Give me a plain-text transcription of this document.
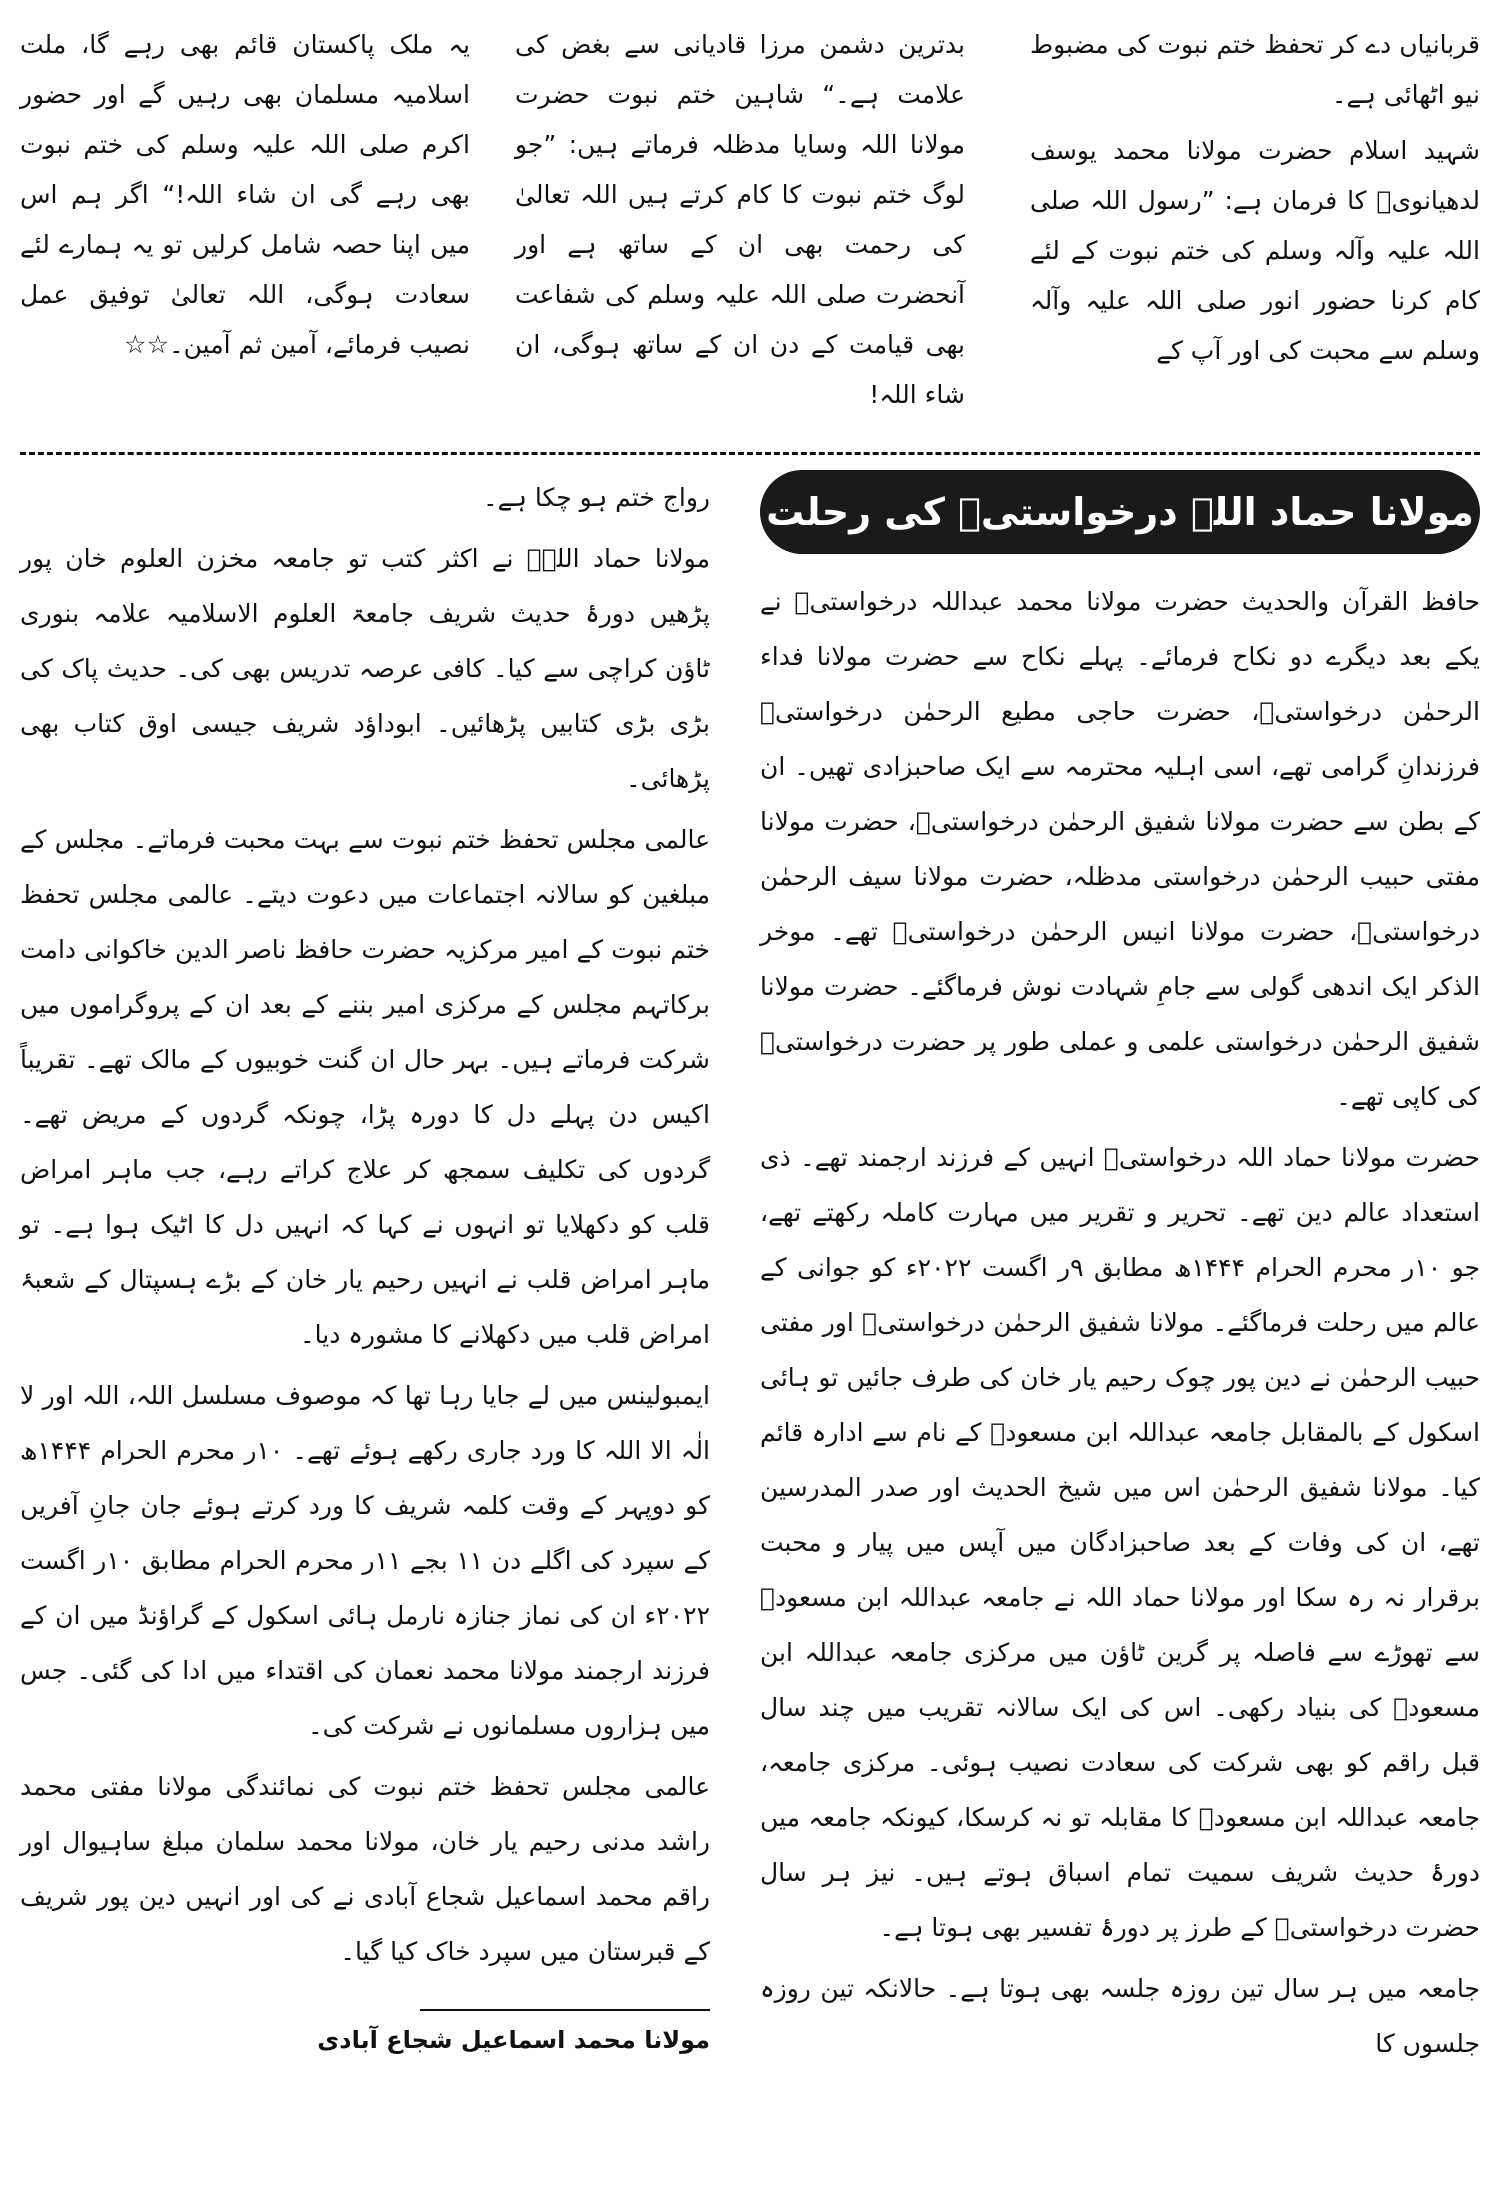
قربانیاں دے کر تحفظ ختم نبوت کی مضبوط نیو اٹھائی ہے۔

شہید اسلام حضرت مولانا محمد یوسف لدھیانویؒ کا فرمان ہے: ”رسول اللہ صلی اللہ علیہ وآلہ وسلم کی ختم نبوت کے لئے کام کرنا حضور انور صلی اللہ علیہ وآلہ وسلم سے محبت کی اور آپ کے

بدترین دشمن مرزا قادیانی سے بغض کی علامت ہے۔“ شاہین ختم نبوت حضرت مولانا اللہ وسایا مدظلہ فرماتے ہیں: ”جو لوگ ختم نبوت کا کام کرتے ہیں اللہ تعالیٰ کی رحمت بھی ان کے ساتھ ہے اور آنحضرت صلی اللہ علیہ وسلم کی شفاعت بھی قیامت کے دن ان کے ساتھ ہوگی، ان شاء اللہ!

یہ ملک پاکستان قائم بھی رہے گا، ملت اسلامیہ مسلمان بھی رہیں گے اور حضور اکرم صلی اللہ علیہ وسلم کی ختم نبوت بھی رہے گی ان شاء اللہ!“ اگر ہم اس میں اپنا حصہ شامل کرلیں تو یہ ہمارے لئے سعادت ہوگی، اللہ تعالیٰ توفیق عمل نصیب فرمائے، آمین ثم آمین۔☆☆

مولانا حماد اللہ درخواستیؒ کی رحلت

حافظ القرآن والحدیث حضرت مولانا محمد عبداللہ درخواستیؒ نے یکے بعد دیگرے دو نکاح فرمائے۔ پہلے نکاح سے حضرت مولانا فداء الرحمٰن درخواستیؒ، حضرت حاجی مطیع الرحمٰن درخواستیؒ فرزندانِ گرامی تھے، اسی اہلیہ محترمہ سے ایک صاحبزادی تھیں۔ ان کے بطن سے حضرت مولانا شفیق الرحمٰن درخواستیؒ، حضرت مولانا مفتی حبیب الرحمٰن درخواستی مدظلہ، حضرت مولانا سیف الرحمٰن درخواستیؒ، حضرت مولانا انیس الرحمٰن درخواستیؒ تھے۔ موخر الذکر ایک اندھی گولی سے جامِ شہادت نوش فرماگئے۔ حضرت مولانا شفیق الرحمٰن درخواستی علمی و عملی طور پر حضرت درخواستیؒ کی کاپی تھے۔

حضرت مولانا حماد اللہ درخواستیؒ انہیں کے فرزند ارجمند تھے۔ ذی استعداد عالم دین تھے۔ تحریر و تقریر میں مہارت کاملہ رکھتے تھے، جو ۱۰ر محرم الحرام ۱۴۴۴ھ مطابق ۹ر اگست ۲۰۲۲ء کو جوانی کے عالم میں رحلت فرماگئے۔ مولانا شفیق الرحمٰن درخواستیؒ اور مفتی حبیب الرحمٰن نے دین پور چوک رحیم یار خان کی طرف جائیں تو ہائی اسکول کے بالمقابل جامعہ عبداللہ ابن مسعودؓ کے نام سے ادارہ قائم کیا۔ مولانا شفیق الرحمٰن اس میں شیخ الحدیث اور صدر المدرسین تھے، ان کی وفات کے بعد صاحبزادگان میں آپس میں پیار و محبت برقرار نہ رہ سکا اور مولانا حماد اللہ نے جامعہ عبداللہ ابن مسعودؓ سے تھوڑے سے فاصلہ پر گرین ٹاؤن میں مرکزی جامعہ عبداللہ ابن مسعودؓ کی بنیاد رکھی۔ اس کی ایک سالانہ تقریب میں چند سال قبل راقم کو بھی شرکت کی سعادت نصیب ہوئی۔ مرکزی جامعہ، جامعہ عبداللہ ابن مسعودؓ کا مقابلہ تو نہ کرسکا، کیونکہ جامعہ میں دورۂ حدیث شریف سمیت تمام اسباق ہوتے ہیں۔ نیز ہر سال حضرت درخواستیؒ کے طرز پر دورۂ تفسیر بھی ہوتا ہے۔

جامعہ میں ہر سال تین روزہ جلسہ بھی ہوتا ہے۔ حالانکہ تین روزہ جلسوں کا

رواج ختم ہو چکا ہے۔

مولانا حماد اللہؒ نے اکثر کتب تو جامعہ مخزن العلوم خان پور پڑھیں دورۂ حدیث شریف جامعۃ العلوم الاسلامیہ علامہ بنوری ٹاؤن کراچی سے کیا۔ کافی عرصہ تدریس بھی کی۔ حدیث پاک کی بڑی بڑی کتابیں پڑھائیں۔ ابوداؤد شریف جیسی اوق کتاب بھی پڑھائی۔

عالمی مجلس تحفظ ختم نبوت سے بہت محبت فرماتے۔ مجلس کے مبلغین کو سالانہ اجتماعات میں دعوت دیتے۔ عالمی مجلس تحفظ ختم نبوت کے امیر مرکزیہ حضرت حافظ ناصر الدین خاکوانی دامت برکاتہم مجلس کے مرکزی امیر بننے کے بعد ان کے پروگراموں میں شرکت فرماتے ہیں۔ بہر حال ان گنت خوبیوں کے مالک تھے۔ تقریباً اکیس دن پہلے دل کا دورہ پڑا، چونکہ گردوں کے مریض تھے۔ گردوں کی تکلیف سمجھ کر علاج کراتے رہے، جب ماہر امراض قلب کو دکھلایا تو انہوں نے کہا کہ انہیں دل کا اٹیک ہوا ہے۔ تو ماہر امراض قلب نے انہیں رحیم یار خان کے بڑے ہسپتال کے شعبۂ امراض قلب میں دکھلانے کا مشورہ دیا۔

ایمبولینس میں لے جایا رہا تھا کہ موصوف مسلسل اللہ، اللہ اور لا الٰہ الا اللہ کا ورد جاری رکھے ہوئے تھے۔ ۱۰ر محرم الحرام ۱۴۴۴ھ کو دوپہر کے وقت کلمہ شریف کا ورد کرتے ہوئے جان جانِ آفریں کے سپرد کی اگلے دن ۱۱ بجے ۱۱ر محرم الحرام مطابق ۱۰ر اگست ۲۰۲۲ء ان کی نماز جنازہ نارمل ہائی اسکول کے گراؤنڈ میں ان کے فرزند ارجمند مولانا محمد نعمان کی اقتداء میں ادا کی گئی۔ جس میں ہزاروں مسلمانوں نے شرکت کی۔

عالمی مجلس تحفظ ختم نبوت کی نمائندگی مولانا مفتی محمد راشد مدنی رحیم یار خان، مولانا محمد سلمان مبلغ ساہیوال اور راقم محمد اسماعیل شجاع آبادی نے کی اور انہیں دین پور شریف کے قبرستان میں سپرد خاک کیا گیا۔

مولانا محمد اسماعیل شجاع آبادی
